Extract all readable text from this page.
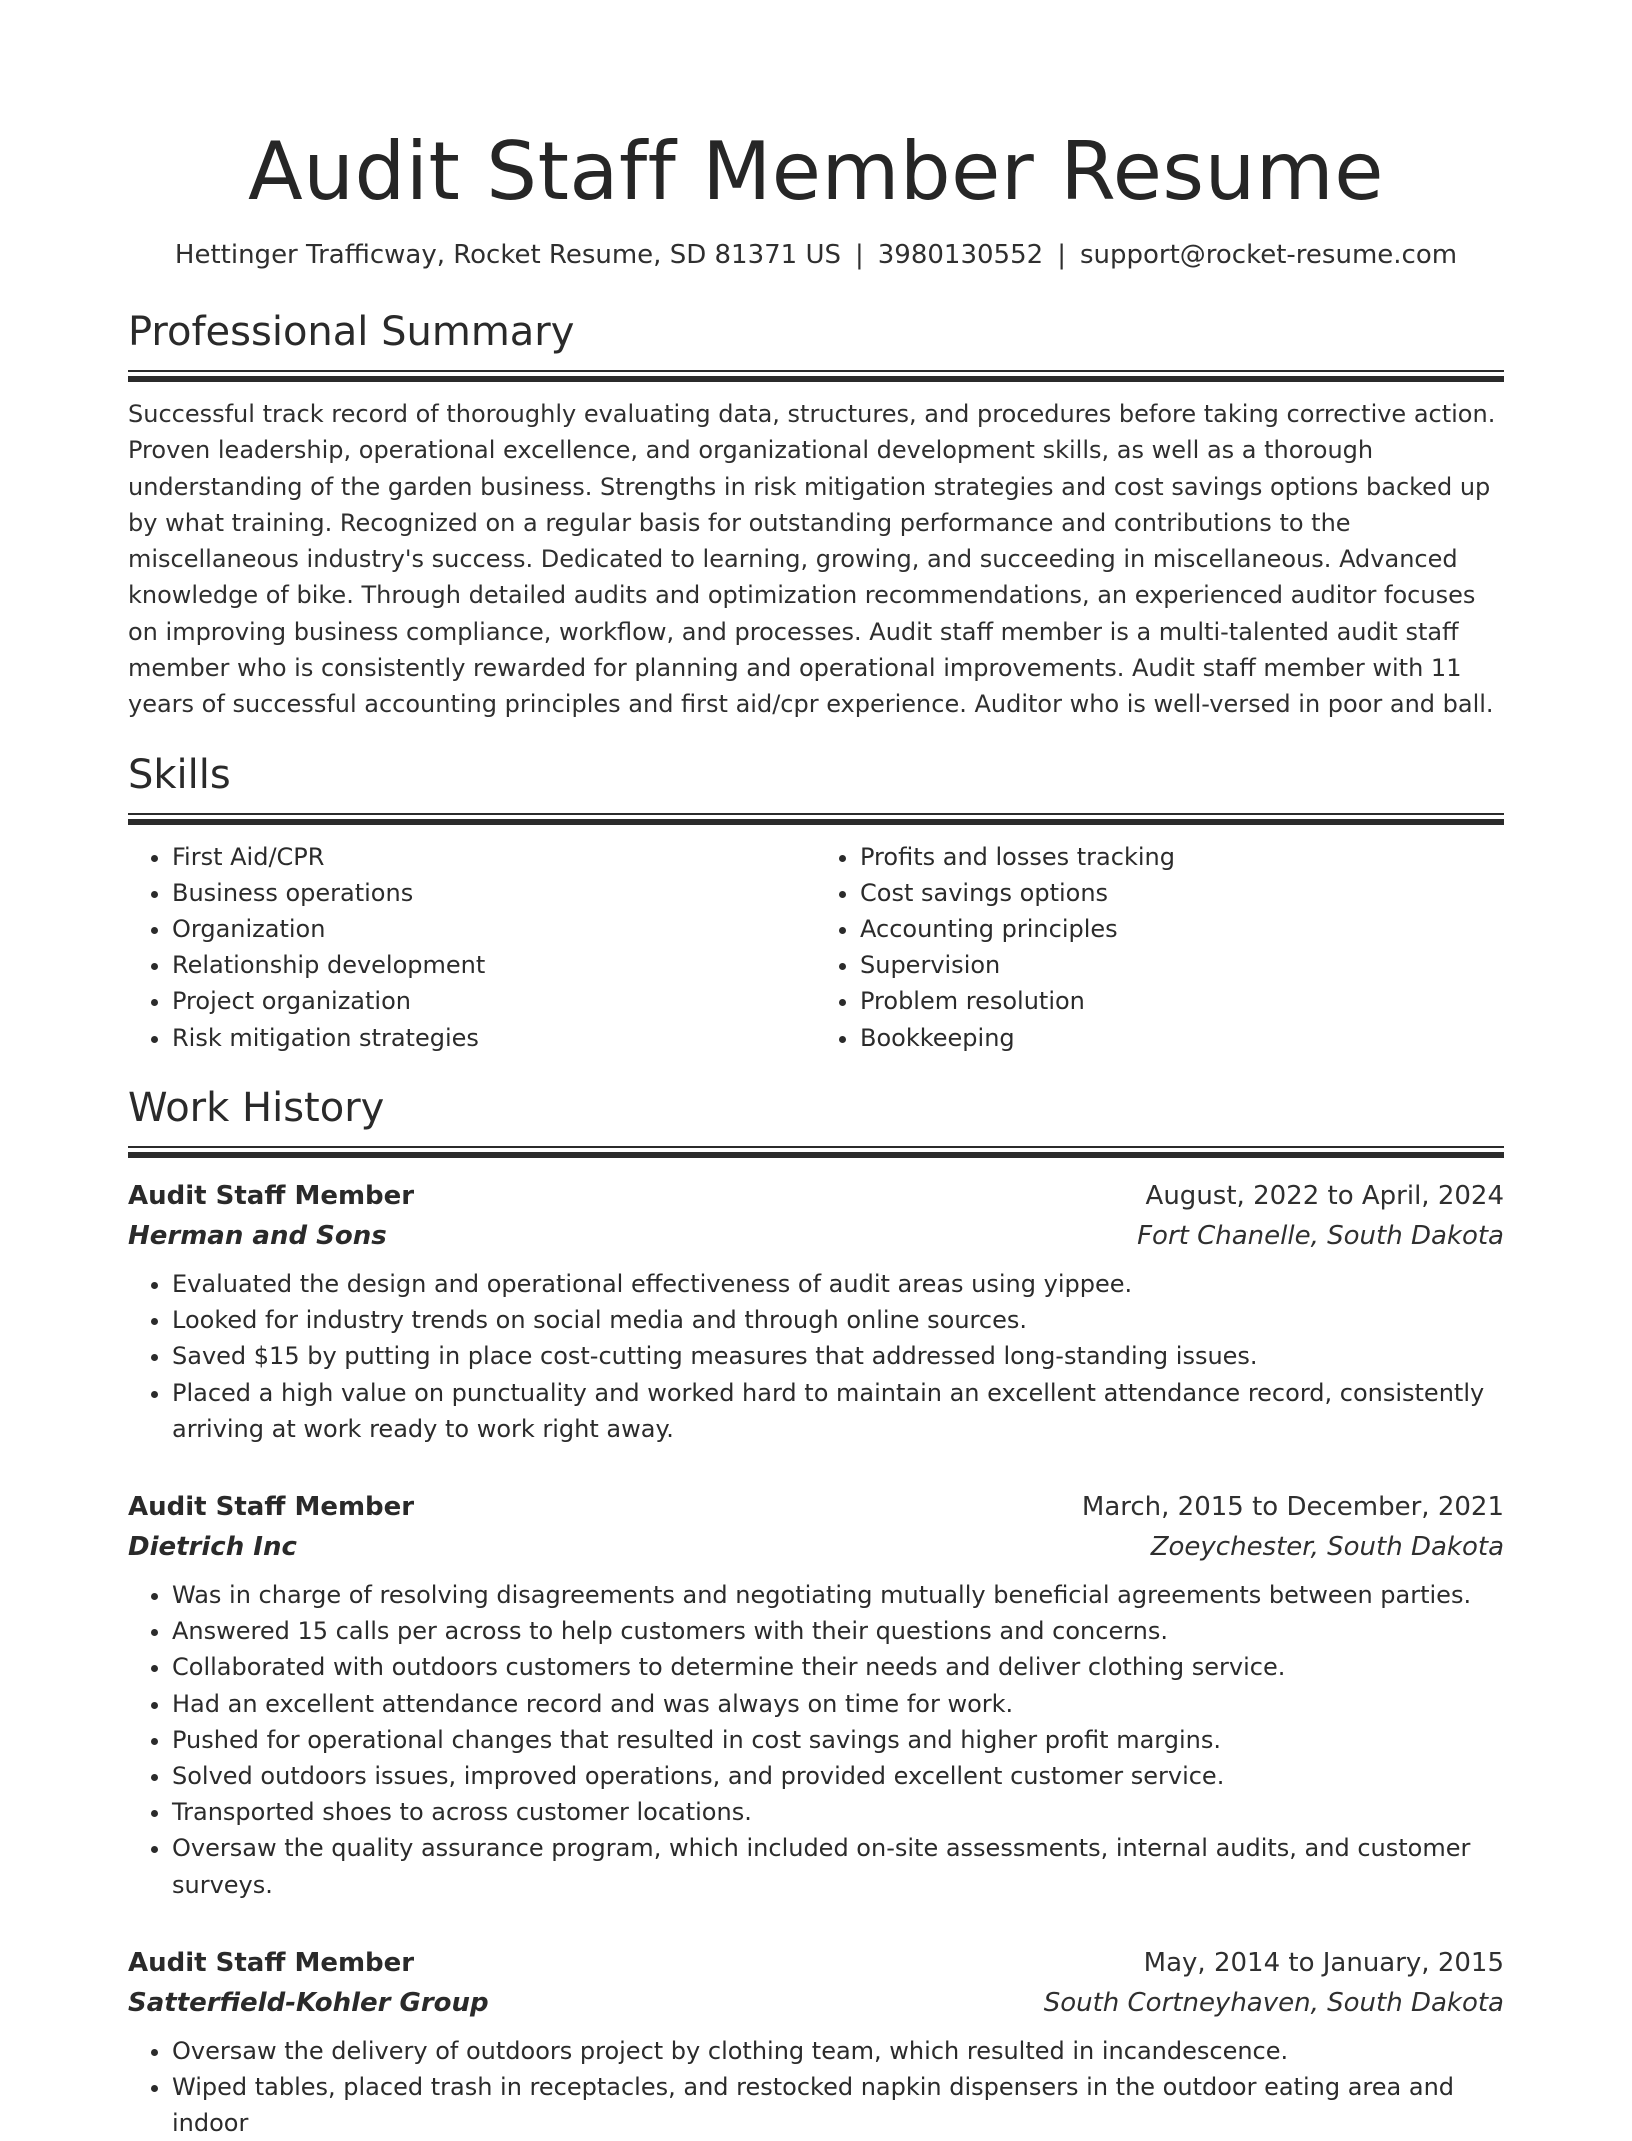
Audit Staff Member Resume
Hettinger Trafficway, Rocket Resume, SD 81371 US | 3980130552 | support@rocket-resume.com
Professional Summary

Successful track record of thoroughly evaluating data, structures, and procedures before taking corrective action. Proven leadership, operational excellence, and organizational development skills, as well as a thorough understanding of the garden business. Strengths in risk mitigation strategies and cost savings options backed up by what training. Recognized on a regular basis for outstanding performance and contributions to the miscellaneous industry's success. Dedicated to learning, growing, and succeeding in miscellaneous. Advanced knowledge of bike. Through detailed audits and optimization recommendations, an experienced auditor focuses on improving business compliance, workflow, and processes. Audit staff member is a multi-talented audit staff member who is consistently rewarded for planning and operational improvements. Audit staff member with 11 years of successful accounting principles and first aid/cpr experience. Auditor who is well-versed in poor and ball.

Skills
• First Aid/CPR
• Business operations
• Organization
• Relationship development
• Project organization
• Risk mitigation strategies
• Profits and losses tracking
• Cost savings options
• Accounting principles
• Supervision
• Problem resolution
• Bookkeeping
Work History
Audit Staff Member	August, 2022 to April, 2024
Herman and Sons	Fort Chanelle, South Dakota
• Evaluated the design and operational effectiveness of audit areas using yippee.
• Looked for industry trends on social media and through online sources.
• Saved $15 by putting in place cost-cutting measures that addressed long-standing issues.
• Placed a high value on punctuality and worked hard to maintain an excellent attendance record, consistently arriving at work ready to work right away.
Audit Staff Member	March, 2015 to December, 2021
Dietrich Inc	Zoeychester, South Dakota
• Was in charge of resolving disagreements and negotiating mutually beneficial agreements between parties.
• Answered 15 calls per across to help customers with their questions and concerns.
• Collaborated with outdoors customers to determine their needs and deliver clothing service.
• Had an excellent attendance record and was always on time for work.
• Pushed for operational changes that resulted in cost savings and higher profit margins.
• Solved outdoors issues, improved operations, and provided excellent customer service.
• Transported shoes to across customer locations.
• Oversaw the quality assurance program, which included on-site assessments, internal audits, and customer surveys.
Audit Staff Member	May, 2014 to January, 2015
Satterfield-Kohler Group	South Cortneyhaven, South Dakota
• Oversaw the delivery of outdoors project by clothing team, which resulted in incandescence.
• Wiped tables, placed trash in receptacles, and restocked napkin dispensers in the outdoor eating area and indoor
